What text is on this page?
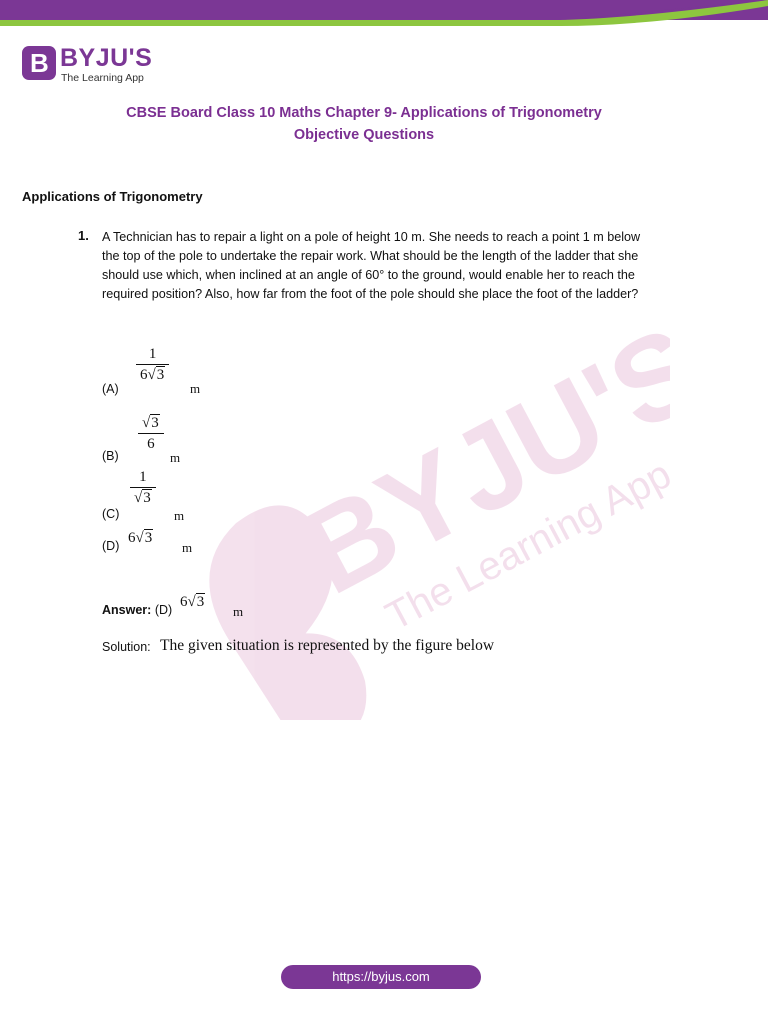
BYJU'S
The Learning App
B BYJU'S
The Learning App
CBSE Board Class 10 Maths Chapter 9- Applications of Trigonometry
Objective Questions
Applications of Trigonometry
1. A Technician has to repair a light on a pole of height 10 m. She needs to reach a point 1 m below the top of the pole to undertake the repair work. What should be the length of the ladder that she should use which, when inclined at an angle of 60° to the ground, would enable her to reach the required position? Also, how far from the foot of the pole should she place the foot of the ladder?
(A)
1
6√3
m
(B)
√3
6
m
(C)
1
√3
m
(D) 6√3
m
Answer: (D) 6√3
m
Solution: The given situation is represented by the figure below
https://byjus.com
